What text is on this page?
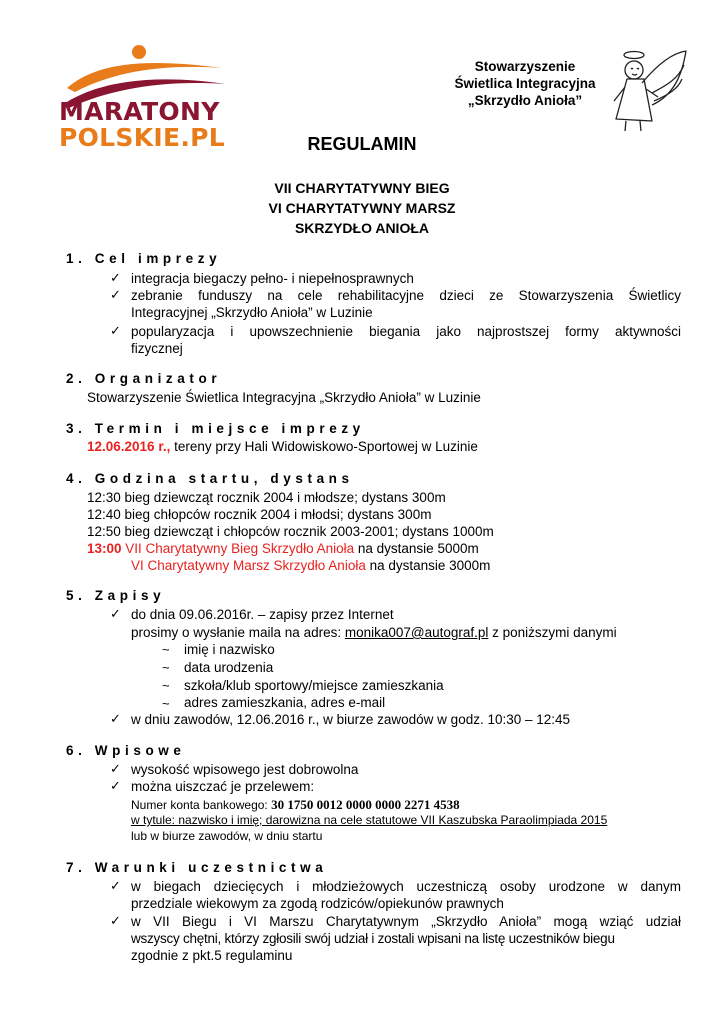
MARATONY
POLSKIE.PL
Stowarzyszenie
Świetlica Integracyjna
„Skrzydło Anioła”
REGULAMIN
VII CHARYTATYWNY BIEG
VI CHARYTATYWNY MARSZ
SKRZYDŁO ANIOŁA
1. Cel imprezy
✓ integracja biegaczy pełno- i niepełnosprawnych
✓ zebranie funduszy na cele rehabilitacyjne dzieci ze Stowarzyszenia Świetlicy
Integracyjnej „Skrzydło Anioła” w Luzinie
✓ popularyzacja i upowszechnienie biegania jako najprostszej formy aktywności
fizycznej
2. Organizator
Stowarzyszenie Świetlica Integracyjna „Skrzydło Anioła” w Luzinie
3. Termin i miejsce imprezy
12.06.2016 r., tereny przy Hali Widowiskowo-Sportowej w Luzinie
4. Godzina startu, dystans
12:30 bieg dziewcząt rocznik 2004 i młodsze; dystans 300m
12:40 bieg chłopców rocznik 2004 i młodsi; dystans 300m
12:50 bieg dziewcząt i chłopców rocznik 2003-2001; dystans 1000m
13:00 VII Charytatywny Bieg Skrzydło Anioła na dystansie 5000m
VI Charytatywny Marsz Skrzydło Anioła na dystansie 3000m
5. Zapisy
✓ do dnia 09.06.2016r. – zapisy przez Internet
prosimy o wysłanie maila na adres: monika007@autograf.pl z poniższymi danymi
~ imię i nazwisko
~ data urodzenia
~ szkoła/klub sportowy/miejsce zamieszkania
~ adres zamieszkania, adres e-mail
✓ w dniu zawodów, 12.06.2016 r., w biurze zawodów w godz. 10:30 – 12:45
6. Wpisowe
✓ wysokość wpisowego jest dobrowolna
✓ można uiszczać je przelewem:
Numer konta bankowego: 30 1750 0012 0000 0000 2271 4538
w tytule: nazwisko i imię; darowizna na cele statutowe VII Kaszubska Paraolimpiada 2015
lub w biurze zawodów, w dniu startu
7. Warunki uczestnictwa
✓ w biegach dziecięcych i młodzieżowych uczestniczą osoby urodzone w danym
przedziale wiekowym za zgodą rodziców/opiekunów prawnych
✓ w VII Biegu i VI Marszu Charytatywnym „Skrzydło Anioła” mogą wziąć udział
wszyscy chętni, którzy zgłosili swój udział i zostali wpisani na listę uczestników biegu
zgodnie z pkt.5 regulaminu
